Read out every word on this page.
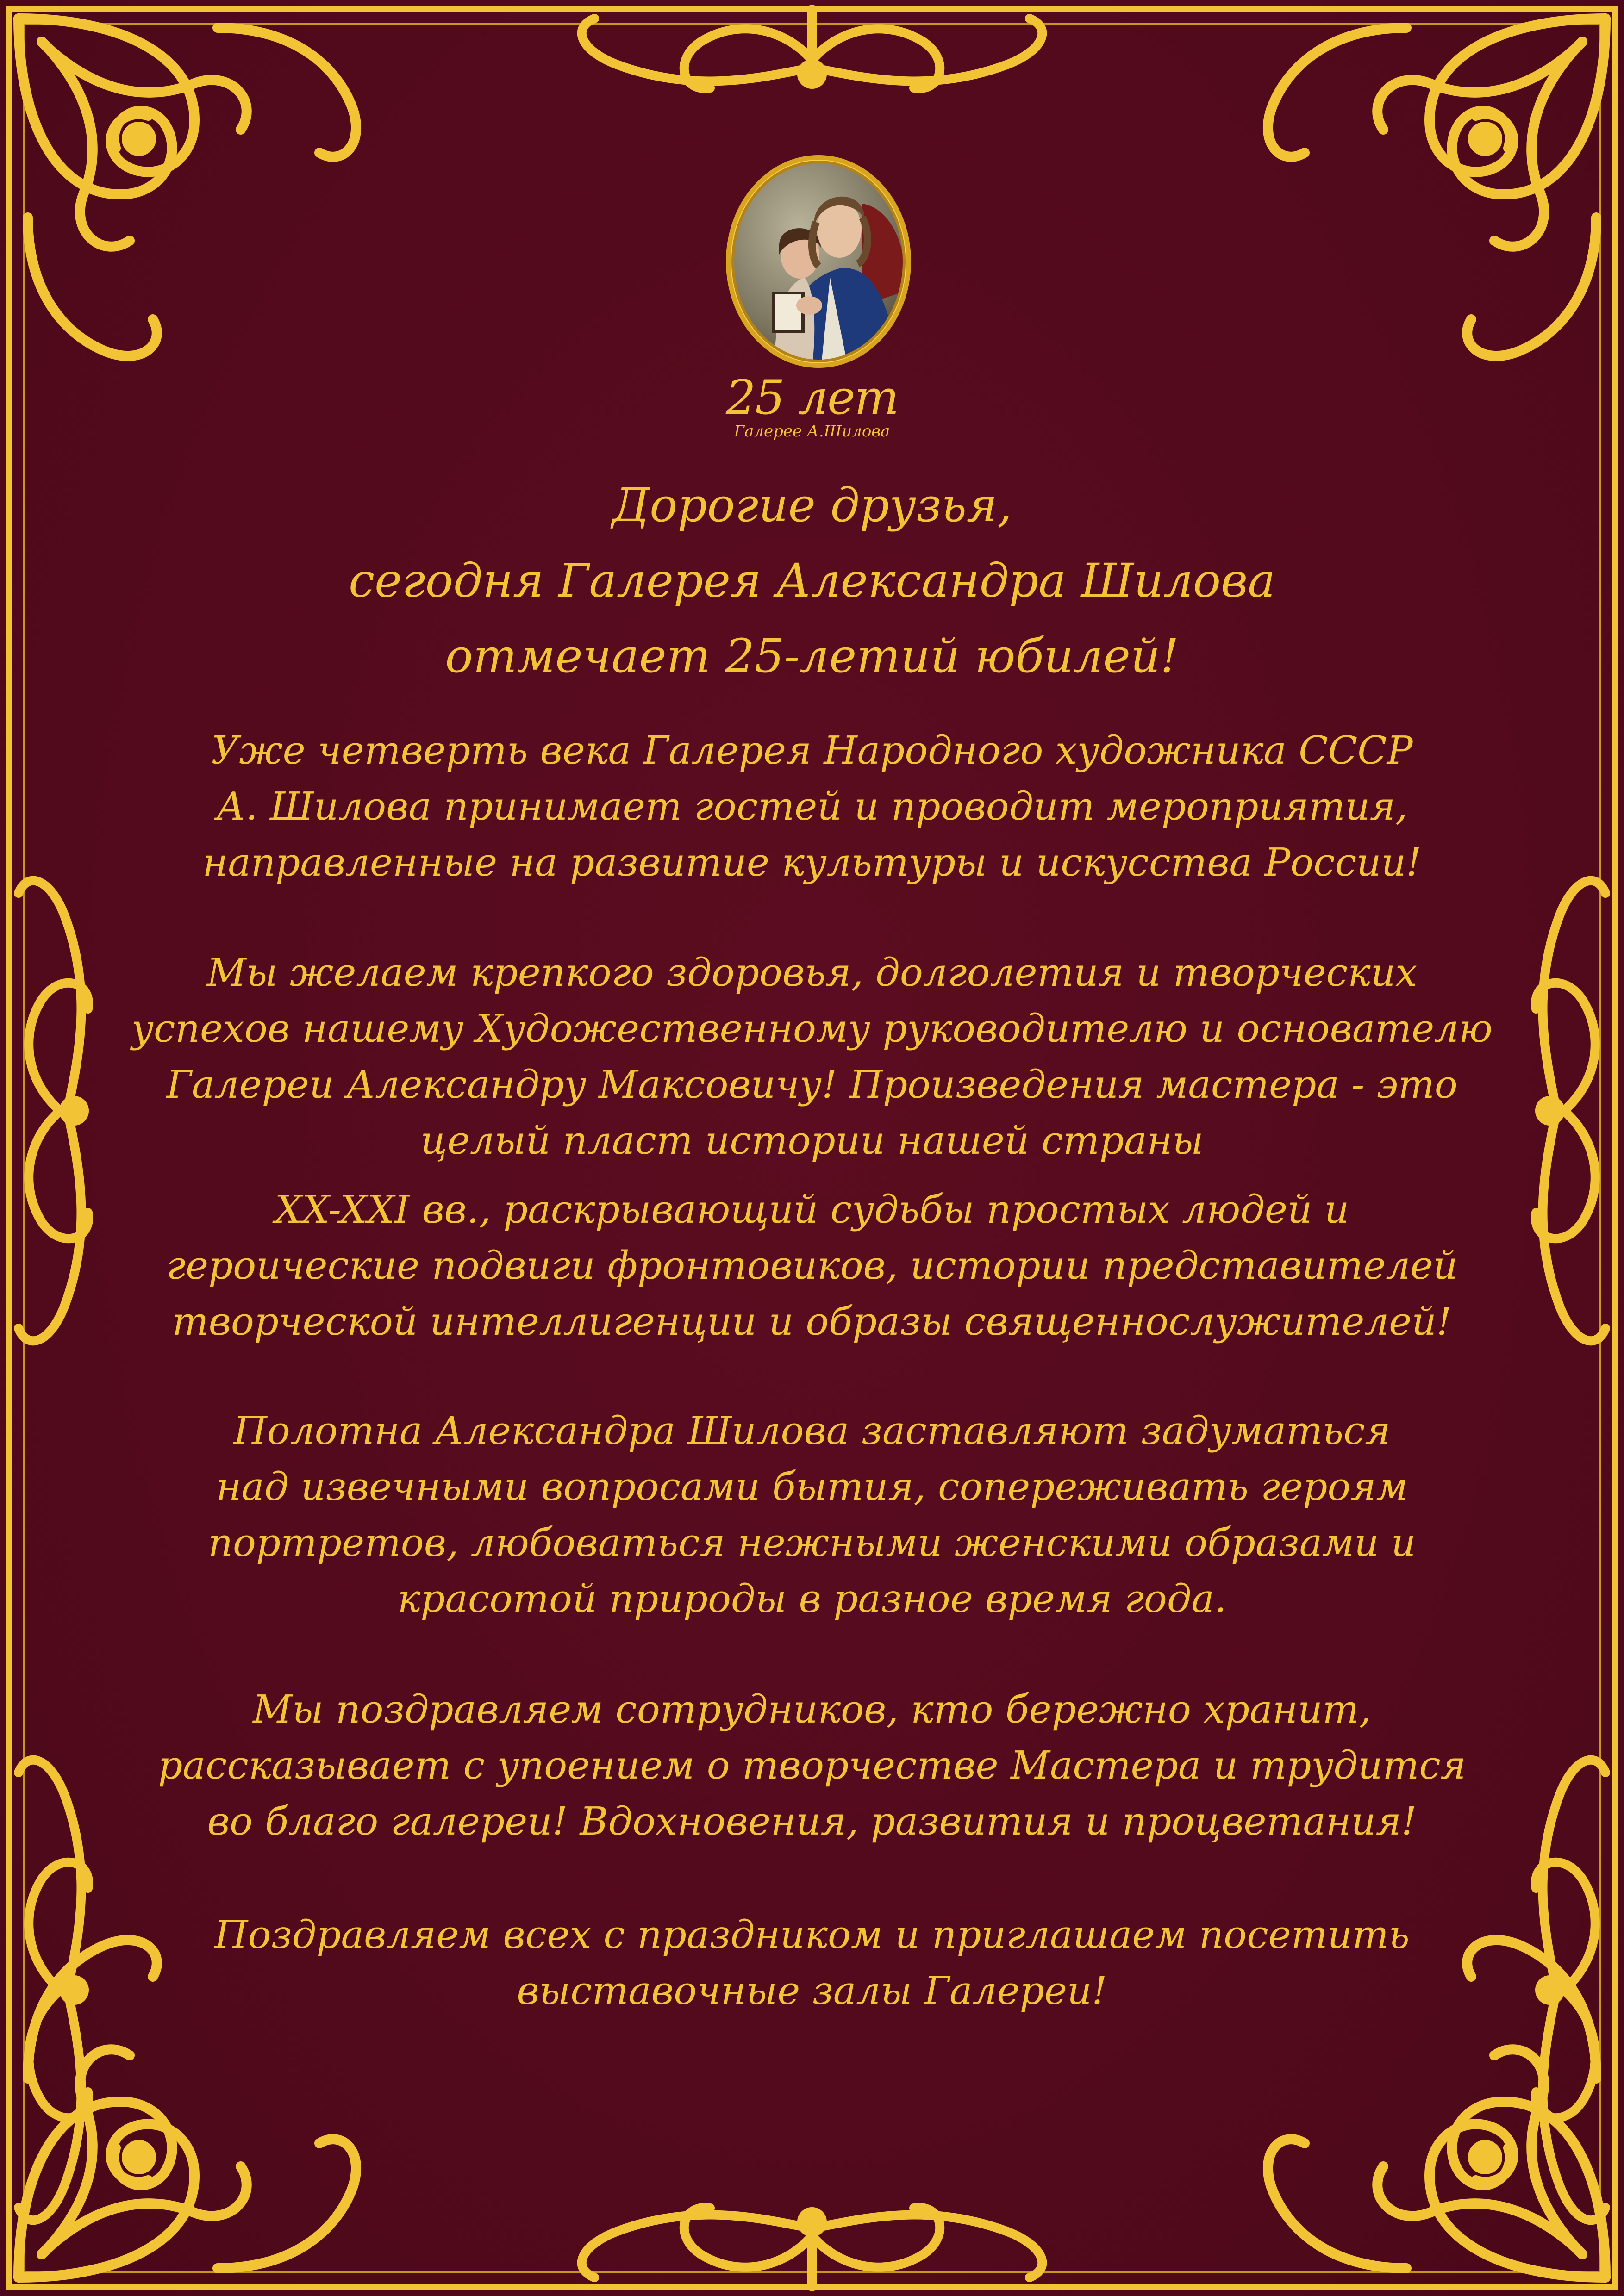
25 лет
Галерее А.Шилова
Дорогие друзья,
сегодня Галерея Александра Шилова
отмечает 25-летий юбилей!
Уже четверть века Галерея Народного художника СССР
А. Шилова принимает гостей и проводит мероприятия,
направленные на развитие культуры и искусства России!
Мы желаем крепкого здоровья, долголетия и творческих
успехов нашему Художественному руководителю и основателю
Галереи Александру Максовичу! Произведения мастера - это
целый пласт истории нашей страны
XX-XXI вв., раскрывающий судьбы простых людей и
героические подвиги фронтовиков, истории представителей
творческой интеллигенции и образы священнослужителей!
Полотна Александра Шилова заставляют задуматься
над извечными вопросами бытия, сопереживать героям
портретов, любоваться нежными женскими образами и
красотой природы в разное время года.
Мы поздравляем сотрудников, кто бережно хранит,
рассказывает с упоением о творчестве Мастера и трудится
во благо галереи! Вдохновения, развития и процветания!
Поздравляем всех с праздником и приглашаем посетить
выставочные залы Галереи!
